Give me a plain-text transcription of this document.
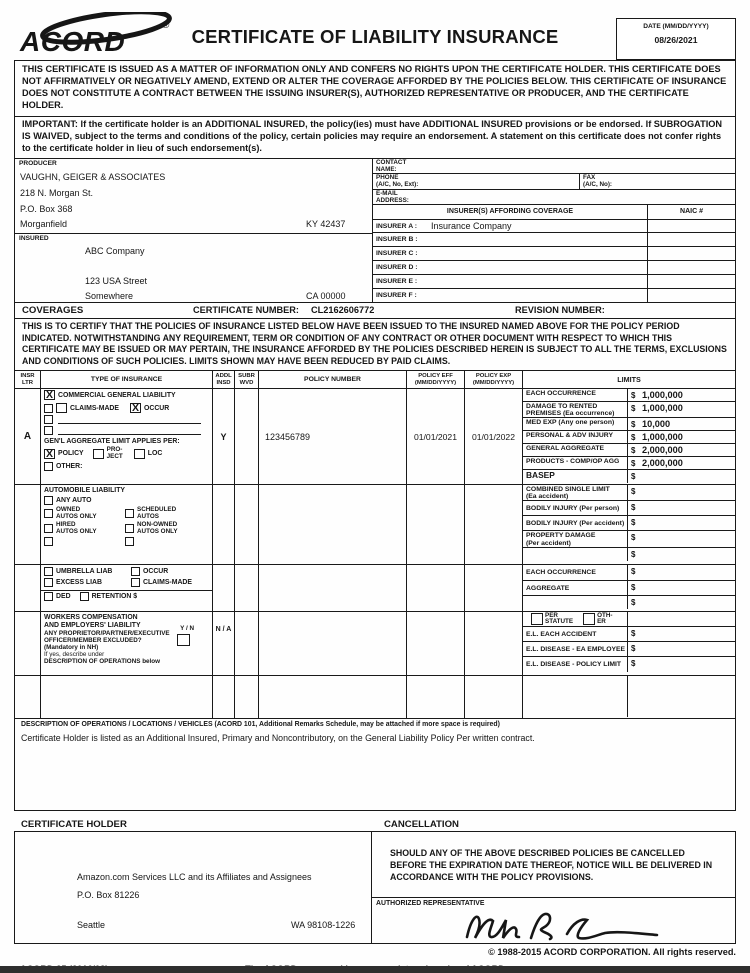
ACORD
®
CERTIFICATE OF LIABILITY INSURANCE	DATE (MM/DD/YYYY)
08/26/2021
THIS CERTIFICATE IS ISSUED AS A MATTER OF INFORMATION ONLY AND CONFERS NO RIGHTS UPON THE CERTIFICATE HOLDER. THIS CERTIFICATE DOES NOT AFFIRMATIVELY OR NEGATIVELY AMEND, EXTEND OR ALTER THE COVERAGE AFFORDED BY THE POLICIES BELOW. THIS CERTIFICATE OF INSURANCE DOES NOT CONSTITUTE A CONTRACT BETWEEN THE ISSUING INSURER(S), AUTHORIZED REPRESENTATIVE OR PRODUCER, AND THE CERTIFICATE HOLDER.
IMPORTANT: If the certificate holder is an ADDITIONAL INSURED, the policy(ies) must have ADDITIONAL INSURED provisions or be endorsed. If SUBROGATION IS WAIVED, subject to the terms and conditions of the policy, certain policies may require an endorsement. A statement on this certificate does not confer rights to the certificate holder in lieu of such endorsement(s).
PRODUCER
VAUGHN, GEIGER & ASSOCIATES
218 N. Morgan St.
P.O. Box 368
Morganfield	KY 42437
INSURED
ABC Company
123 USA Street
Somewhere	CA 00000
CONTACT
NAME:
PHONE
(A/C, No, Ext):
FAX
(A/C, No):
E-MAIL
ADDRESS:
INSURER(S) AFFORDING COVERAGE	NAIC #
INSURER A :	Insurance Company
INSURER B :
INSURER C :
INSURER D :
INSURER E :
INSURER F :
COVERAGES	CERTIFICATE NUMBER: CL2162606772	REVISION NUMBER:
THIS IS TO CERTIFY THAT THE POLICIES OF INSURANCE LISTED BELOW HAVE BEEN ISSUED TO THE INSURED NAMED ABOVE FOR THE POLICY PERIOD INDICATED. NOTWITHSTANDING ANY REQUIREMENT, TERM OR CONDITION OF ANY CONTRACT OR OTHER DOCUMENT WITH RESPECT TO WHICH THIS CERTIFICATE MAY BE ISSUED OR MAY PERTAIN, THE INSURANCE AFFORDED BY THE POLICIES DESCRIBED HEREIN IS SUBJECT TO ALL THE TERMS, EXCLUSIONS AND CONDITIONS OF SUCH POLICIES. LIMITS SHOWN MAY HAVE BEEN REDUCED BY PAID CLAIMS.
INSR
LTR	TYPE OF INSURANCE	ADDL
INSD
SUBR
WVD	POLICY NUMBER	POLICY EFF
(MM/DD/YYYY)
POLICY EXP
(MM/DD/YYYY)	LIMITS
A
X COMMERCIAL GENERAL LIABILITY
CLAIMS-MADE X OCCUR
GEN'L AGGREGATE LIMIT APPLIES PER:
X POLICY
PRO-
JECT	LOC
OTHER:
Y	123456789	01/01/2021	01/01/2022
EACH OCCURRENCE	$ 1,000,000
DAMAGE TO RENTED
PREMISES (Ea occurrence)
$ 1,000,000
MED EXP (Any one person)	$ 10,000
PERSONAL & ADV INJURY	$ 1,000,000
GENERAL AGGREGATE	$ 2,000,000
PRODUCTS - COMP/OP AGG	$ 2,000,000
BASEP	$
AUTOMOBILE LIABILITY
ANY AUTO
OWNED
AUTOS ONLY
SCHEDULED
AUTOS
HIRED
AUTOS ONLY
NON-OWNED
AUTOS ONLY
COMBINED SINGLE LIMIT
(Ea accident)
$
BODILY INJURY (Per person)	$
BODILY INJURY (Per accident) $
PROPERTY DAMAGE
(Per accident)
$
$
UMBRELLA LIAB	OCCUR
EXCESS LIAB	CLAIMS-MADE
DED	RETENTION $
EACH OCCURRENCE	$
AGGREGATE	$
$
WORKERS COMPENSATION
AND EMPLOYERS' LIABILITY	Y / N
ANY PROPRIETOR/PARTNER/EXECUTIVE
OFFICER/MEMBER EXCLUDED?
(Mandatory in NH)
If yes, describe under
DESCRIPTION OF OPERATIONS below
N / A
PER
STATUTE
OTH-
ER
E.L. EACH ACCIDENT	$
E.L. DISEASE - EA EMPLOYEE $
E.L. DISEASE - POLICY LIMIT	$
DESCRIPTION OF OPERATIONS / LOCATIONS / VEHICLES (ACORD 101, Additional Remarks Schedule, may be attached if more space is required)
Certificate Holder is listed as an Additional Insured, Primary and Noncontributory, on the General Liability Policy Per written contract.
CERTIFICATE HOLDER	CANCELLATION
Amazon.com Services LLC and its Affiliates and Assignees
P.O. Box 81226
Seattle	WA 98108-1226
SHOULD ANY OF THE ABOVE DESCRIBED POLICIES BE CANCELLED BEFORE THE EXPIRATION DATE THEREOF, NOTICE WILL BE DELIVERED IN ACCORDANCE WITH THE POLICY PROVISIONS.
AUTHORIZED REPRESENTATIVE
© 1988-2015 ACORD CORPORATION. All rights reserved.
